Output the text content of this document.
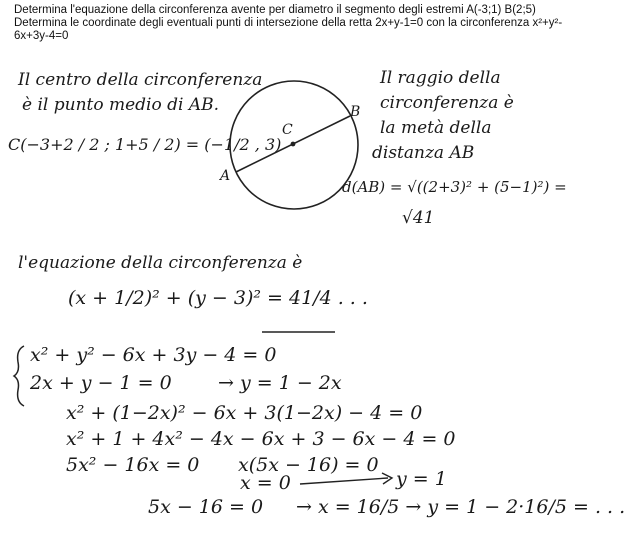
Determina l'equazione della circonferenza avente per diametro il segmento degli estremi A(-3;1) B(2;5)
Determina le coordinate degli eventuali punti di intersezione della retta 2x+y-1=0 con la circonferenza x²+y²-
6x+3y-4=0
Il centro della circonferenza
è il punto medio di AB.
C(−3+2 / 2 ; 1+5 / 2) = (−1/2 , 3)
Il raggio della
circonferenza è
la metà della
distanza AB
d(AB) = √((2+3)² + (5−1)²) =
√41
C
A
B
l'equazione della circonferenza è
(x + 1/2)² + (y − 3)² = 41/4 . . .
x² + y² − 6x + 3y − 4 = 0
2x + y − 1 = 0 → y = 1 − 2x
x² + (1−2x)² − 6x + 3(1−2x) − 4 = 0
x² + 1 + 4x² − 4x − 6x + 3 − 6x − 4 = 0
5x² − 16x = 0 x(5x − 16) = 0
x = 0	y = 1
5x − 16 = 0 → x = 16/5 → y = 1 − 2·16/5 = . . .
